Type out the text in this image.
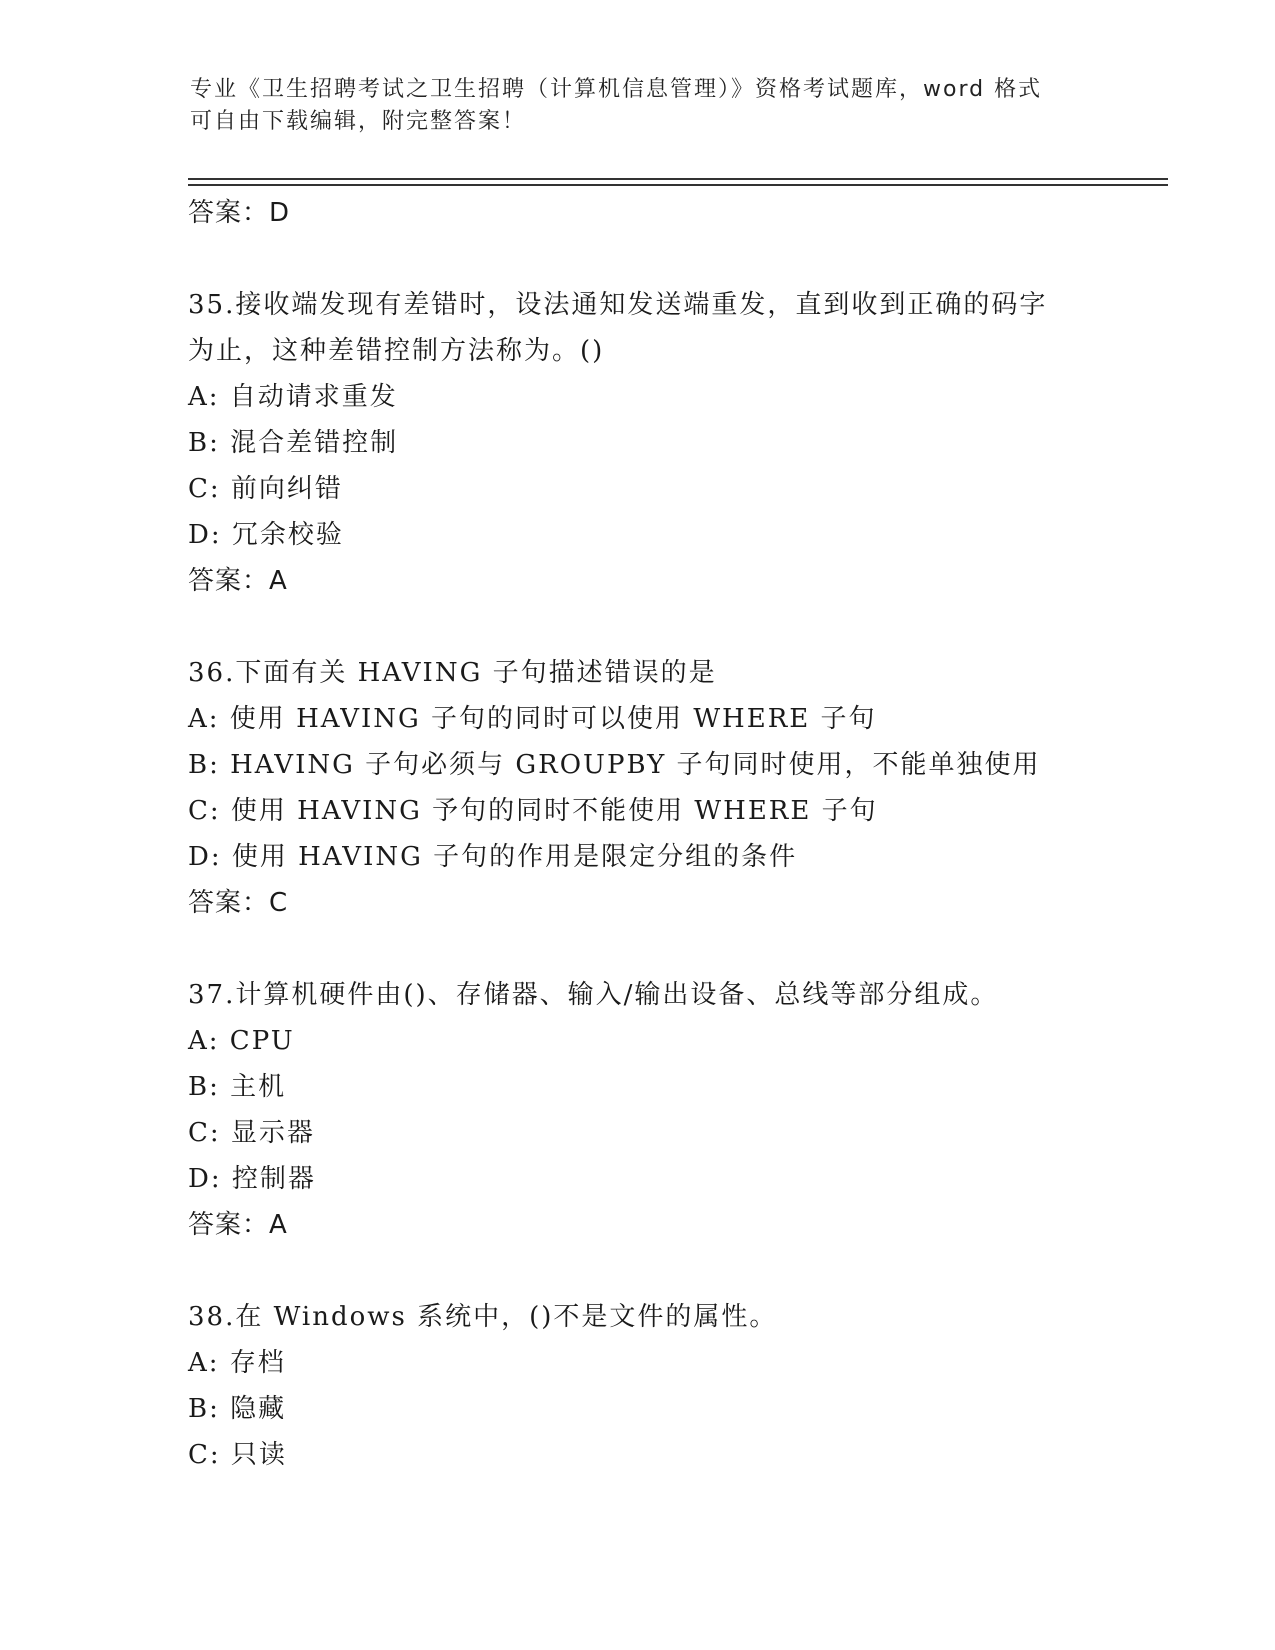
专业《卫生招聘考试之卫生招聘（计算机信息管理）》资格考试题库，word 格式

可自由下载编辑，附完整答案！

答案：D

35.接收端发现有差错时，设法通知发送端重发，直到收到正确的码字

为止，这种差错控制方法称为。()

A: 自动请求重发

B: 混合差错控制

C: 前向纠错

D: 冗余校验

答案：A

36.下面有关 HAVING 子句描述错误的是

A: 使用 HAVING 子句的同时可以使用 WHERE 子句

B: HAVING 子句必须与 GROUPBY 子句同时使用，不能单独使用

C: 使用 HAVING 予句的同时不能使用 WHERE 子句

D: 使用 HAVING 子句的作用是限定分组的条件

答案：C

37.计算机硬件由()、存储器、输入/输出设备、总线等部分组成。

A: CPU

B: 主机

C: 显示器

D: 控制器

答案：A

38.在 Windows 系统中，()不是文件的属性。

A: 存档

B: 隐藏

C: 只读
